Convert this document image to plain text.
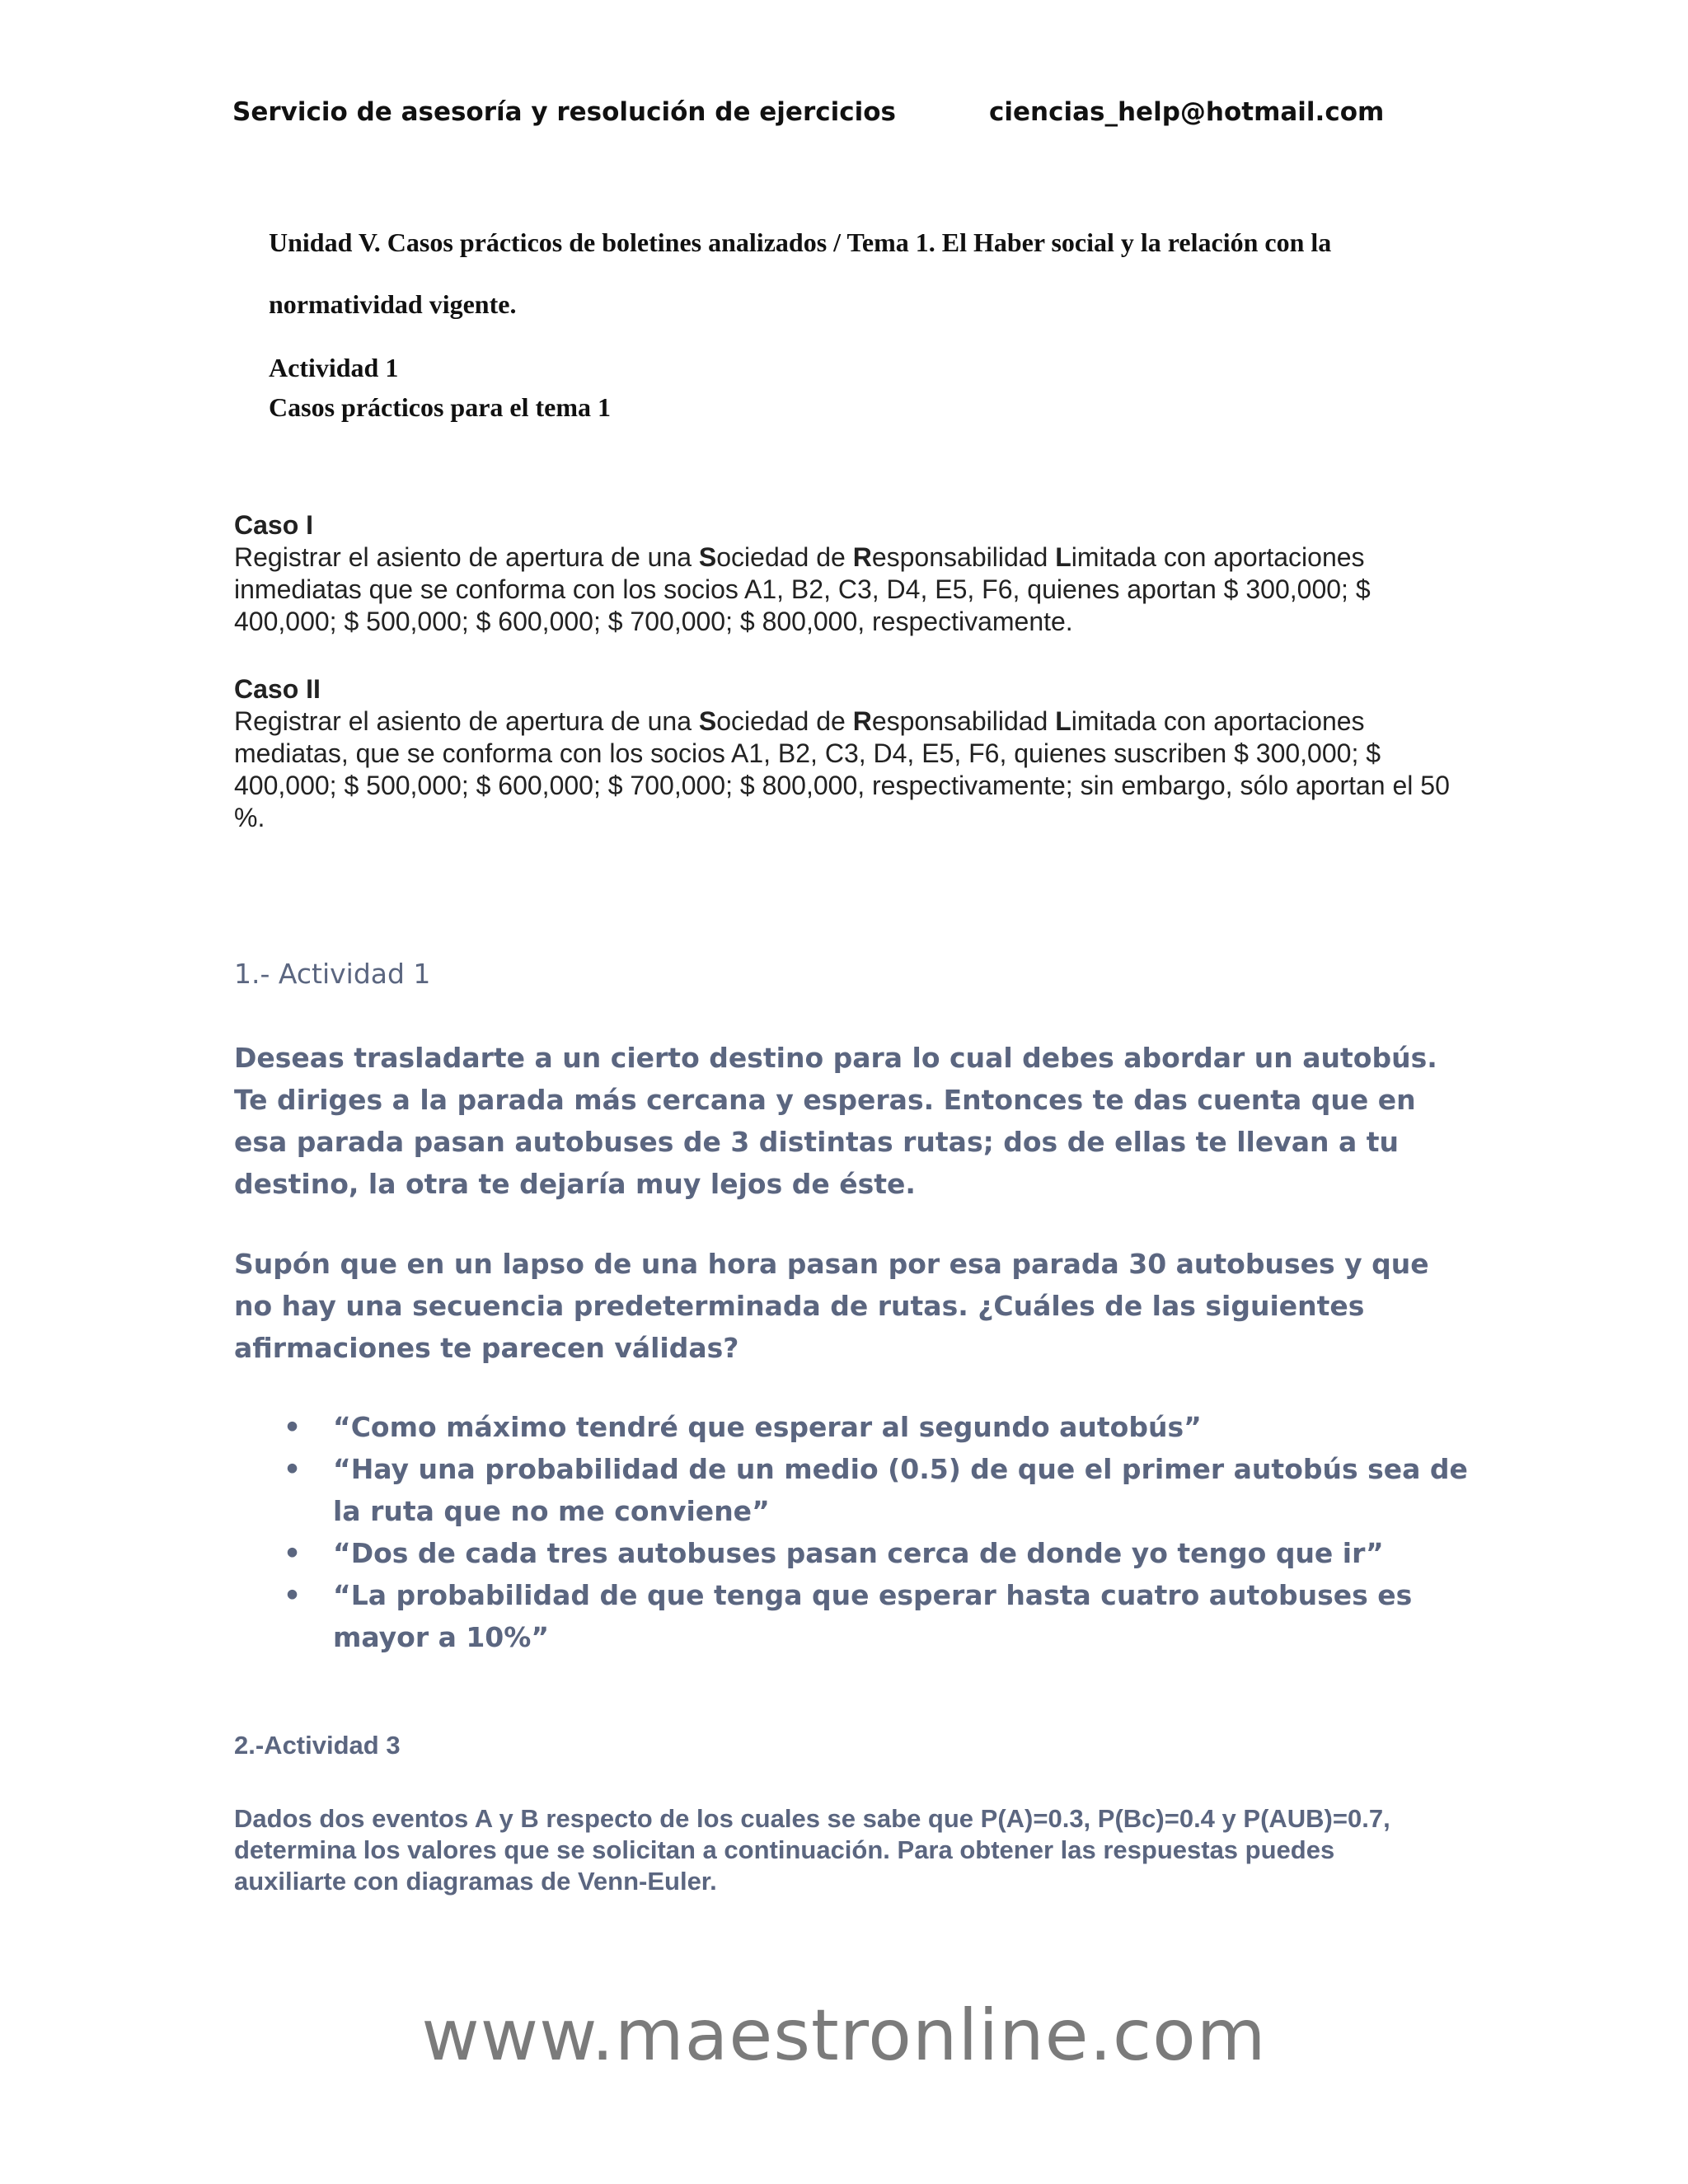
Servicio de asesoría y resolución de ejercicios	ciencias_help@hotmail.com
Unidad V. Casos prácticos de boletines analizados / Tema 1. El Haber social y la relación con la
normatividad vigente.
Actividad 1
Casos prácticos para el tema 1
Caso I
Registrar el asiento de apertura de una Sociedad de Responsabilidad Limitada con aportaciones inmediatas que se conforma con los socios A1, B2, C3, D4, E5, F6, quienes aportan $ 300,000; $ 400,000; $ 500,000; $ 600,000; $ 700,000; $ 800,000, respectivamente.
Caso II
Registrar el asiento de apertura de una Sociedad de Responsabilidad Limitada con aportaciones mediatas, que se conforma con los socios A1, B2, C3, D4, E5, F6, quienes suscriben $ 300,000; $ 400,000; $ 500,000; $ 600,000; $ 700,000; $ 800,000, respectivamente; sin embargo, sólo aportan el 50 %.
1.- Actividad 1
Deseas trasladarte a un cierto destino para lo cual debes abordar un autobús. Te diriges a la parada más cercana y esperas. Entonces te das cuenta que en esa parada pasan autobuses de 3 distintas rutas; dos de ellas te llevan a tu destino, la otra te dejaría muy lejos de éste.
Supón que en un lapso de una hora pasan por esa parada 30 autobuses y que no hay una secuencia predeterminada de rutas. ¿Cuáles de las siguientes afirmaciones te parecen válidas?
• “Como máximo tendré que esperar al segundo autobús”
• “Hay una probabilidad de un medio (0.5) de que el primer autobús sea de la ruta que no me conviene”
• “Dos de cada tres autobuses pasan cerca de donde yo tengo que ir”
• “La probabilidad de que tenga que esperar hasta cuatro autobuses es mayor a 10%”
2.-Actividad 3
Dados dos eventos A y B respecto de los cuales se sabe que P(A)=0.3, P(Bc)=0.4 y P(AUB)=0.7, determina los valores que se solicitan a continuación. Para obtener las respuestas puedes auxiliarte con diagramas de Venn-Euler.
www.maestronline.com
